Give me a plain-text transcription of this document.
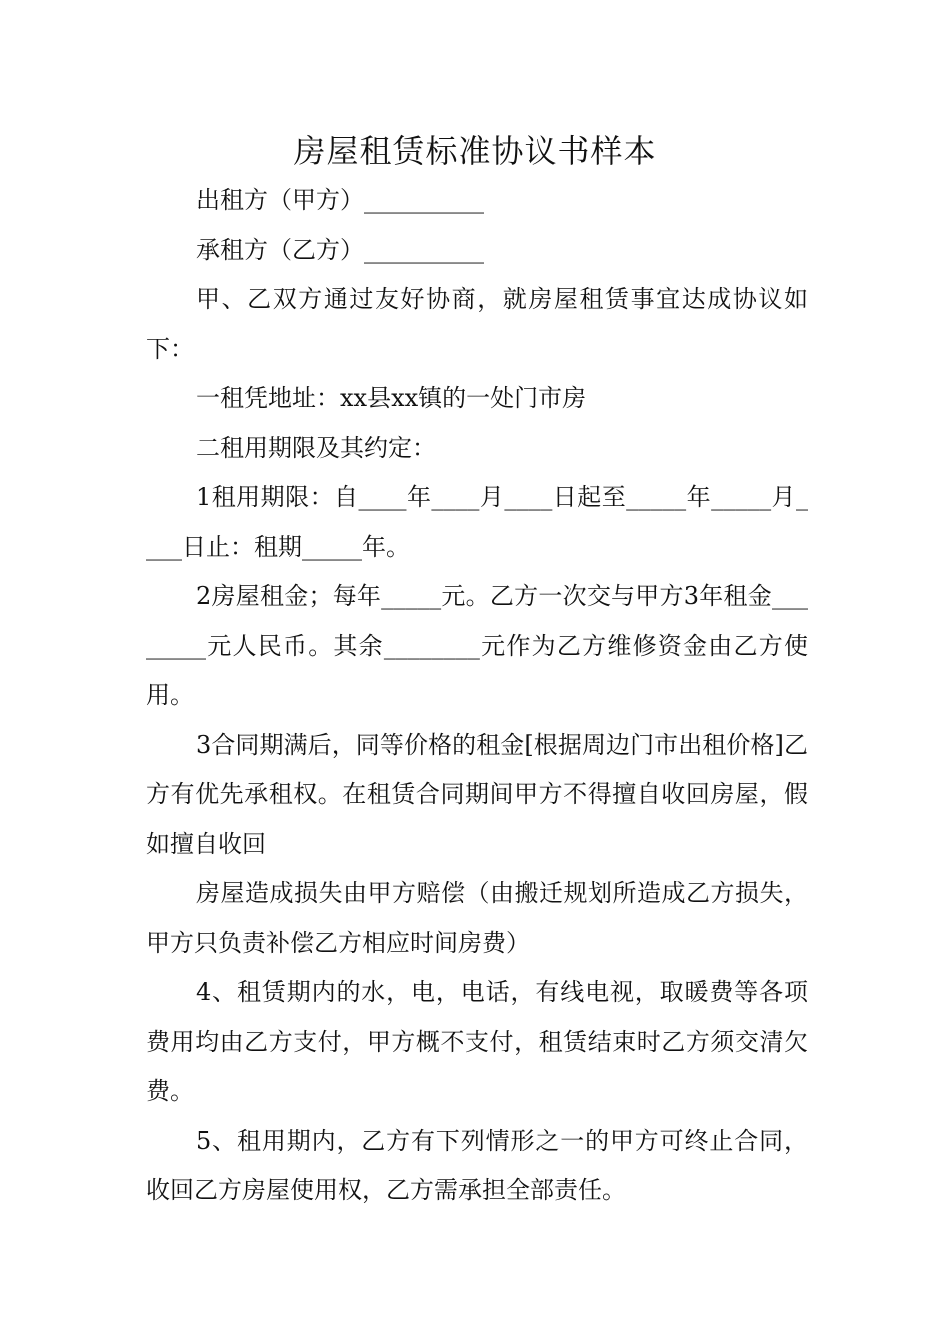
房屋租赁标准协议书样本

出租方（甲方）__________

承租方（乙方）__________

甲、乙双方通过友好协商，就房屋租赁事宜达成协议如下：

一租凭地址：xx县xx镇的一处门市房

二租用期限及其约定：

1租用期限：自____年____月____日起至_____年_____月____日止：租期_____年。

2房屋租金；每年_____元。乙方一次交与甲方3年租金________元人民币。其余________元作为乙方维修资金由乙方使用。

3合同期满后，同等价格的租金[根据周边门市出租价格]乙方有优先承租权。在租赁合同期间甲方不得擅自收回房屋，假如擅自收回

房屋造成损失由甲方赔偿（由搬迁规划所造成乙方损失，甲方只负责补偿乙方相应时间房费）

4、租赁期内的水，电，电话，有线电视，取暖费等各项费用均由乙方支付，甲方概不支付，租赁结束时乙方须交清欠费。

5、租用期内，乙方有下列情形之一的甲方可终止合同，收回乙方房屋使用权，乙方需承担全部责任。
